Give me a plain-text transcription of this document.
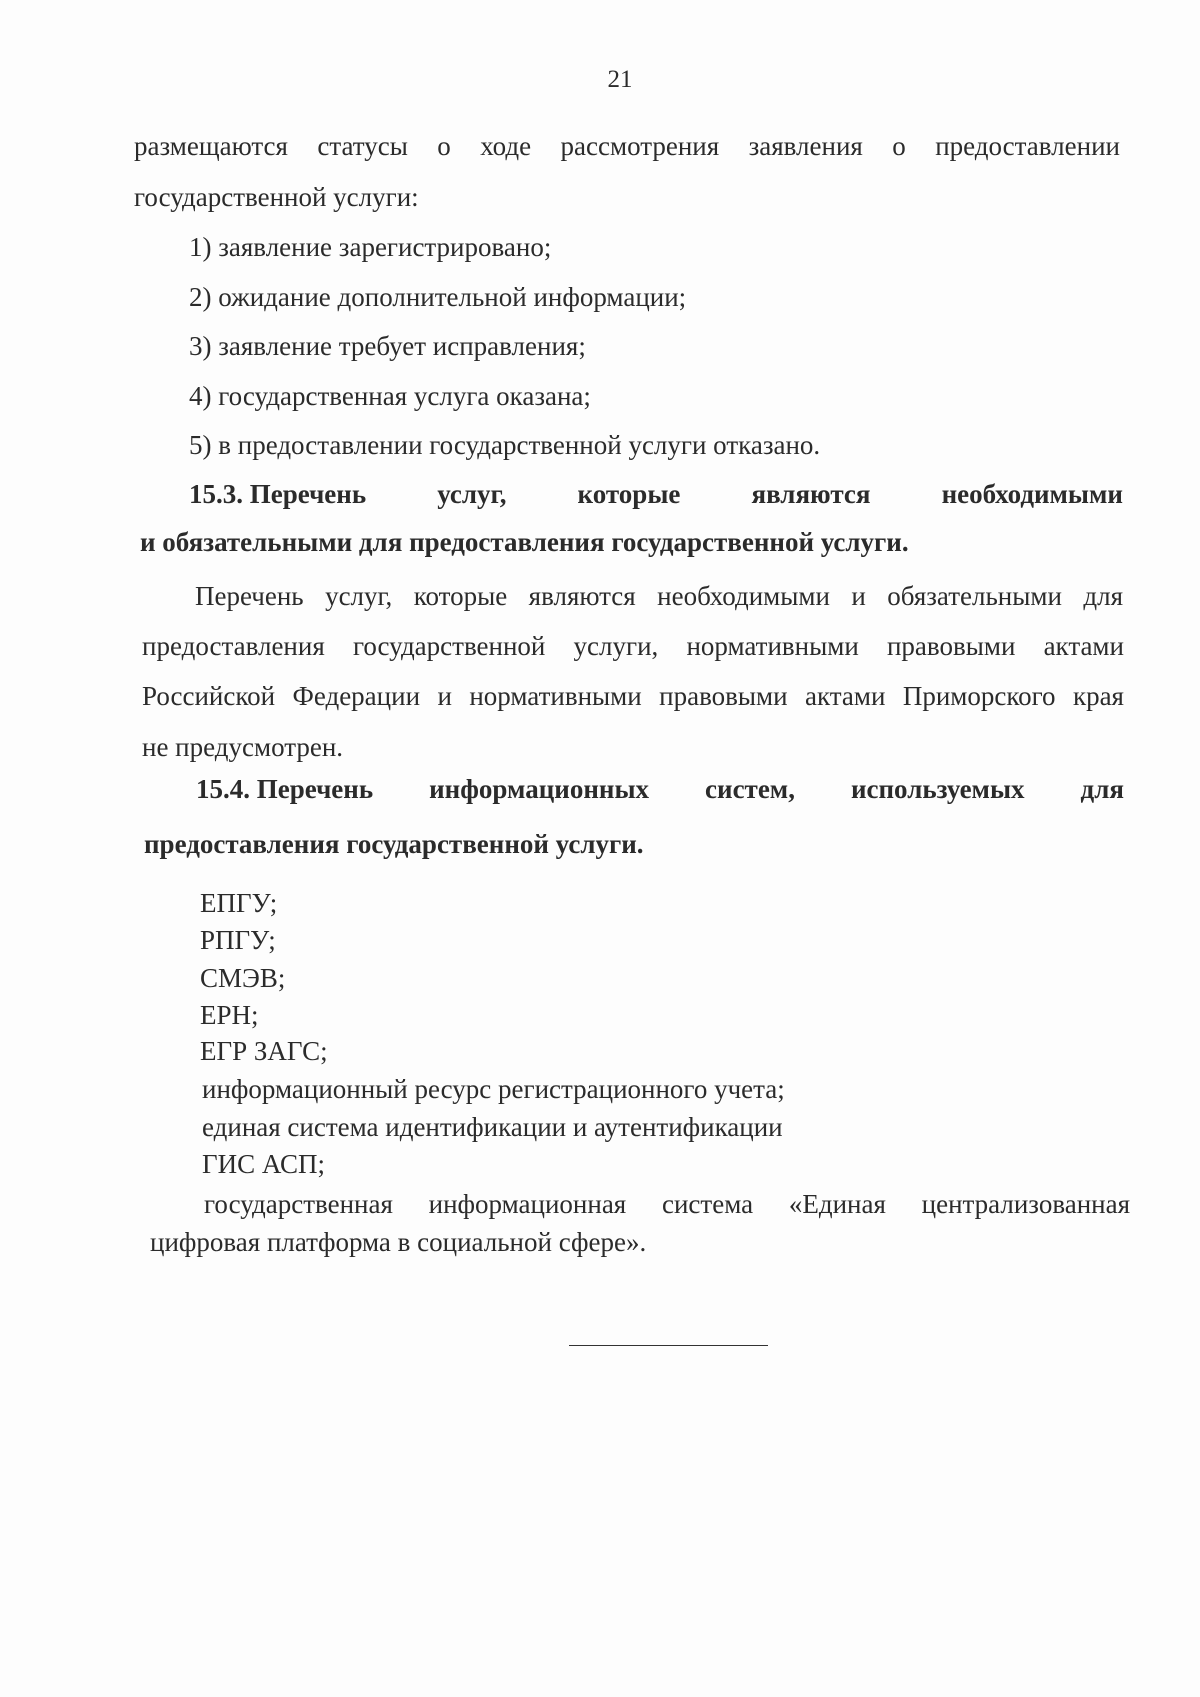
21
размещаются статусы о ходе рассмотрения заявления о предоставлении
государственной услуги:
1) заявление зарегистрировано;
2) ожидание дополнительной информации;
3) заявление требует исправления;
4) государственная услуга оказана;
5) в предоставлении государственной услуги отказано.
15.3. Перечень	услуг,	которые	являются	необходимыми
и обязательными для предоставления государственной услуги.
Перечень услуг, которые являются необходимыми и обязательными для
предоставления государственной услуги, нормативными правовыми актами
Российской Федерации и нормативными правовыми актами Приморского края
не предусмотрен.
15.4. Перечень информационных систем, используемых для
предоставления государственной услуги.
ЕПГУ;
РПГУ;
СМЭВ;
ЕРН;
ЕГР ЗАГС;
информационный ресурс регистрационного учета;
единая система идентификации и аутентификации
ГИС АСП;
государственная информационная система «Единая централизованная
цифровая платформа в социальной сфере».
